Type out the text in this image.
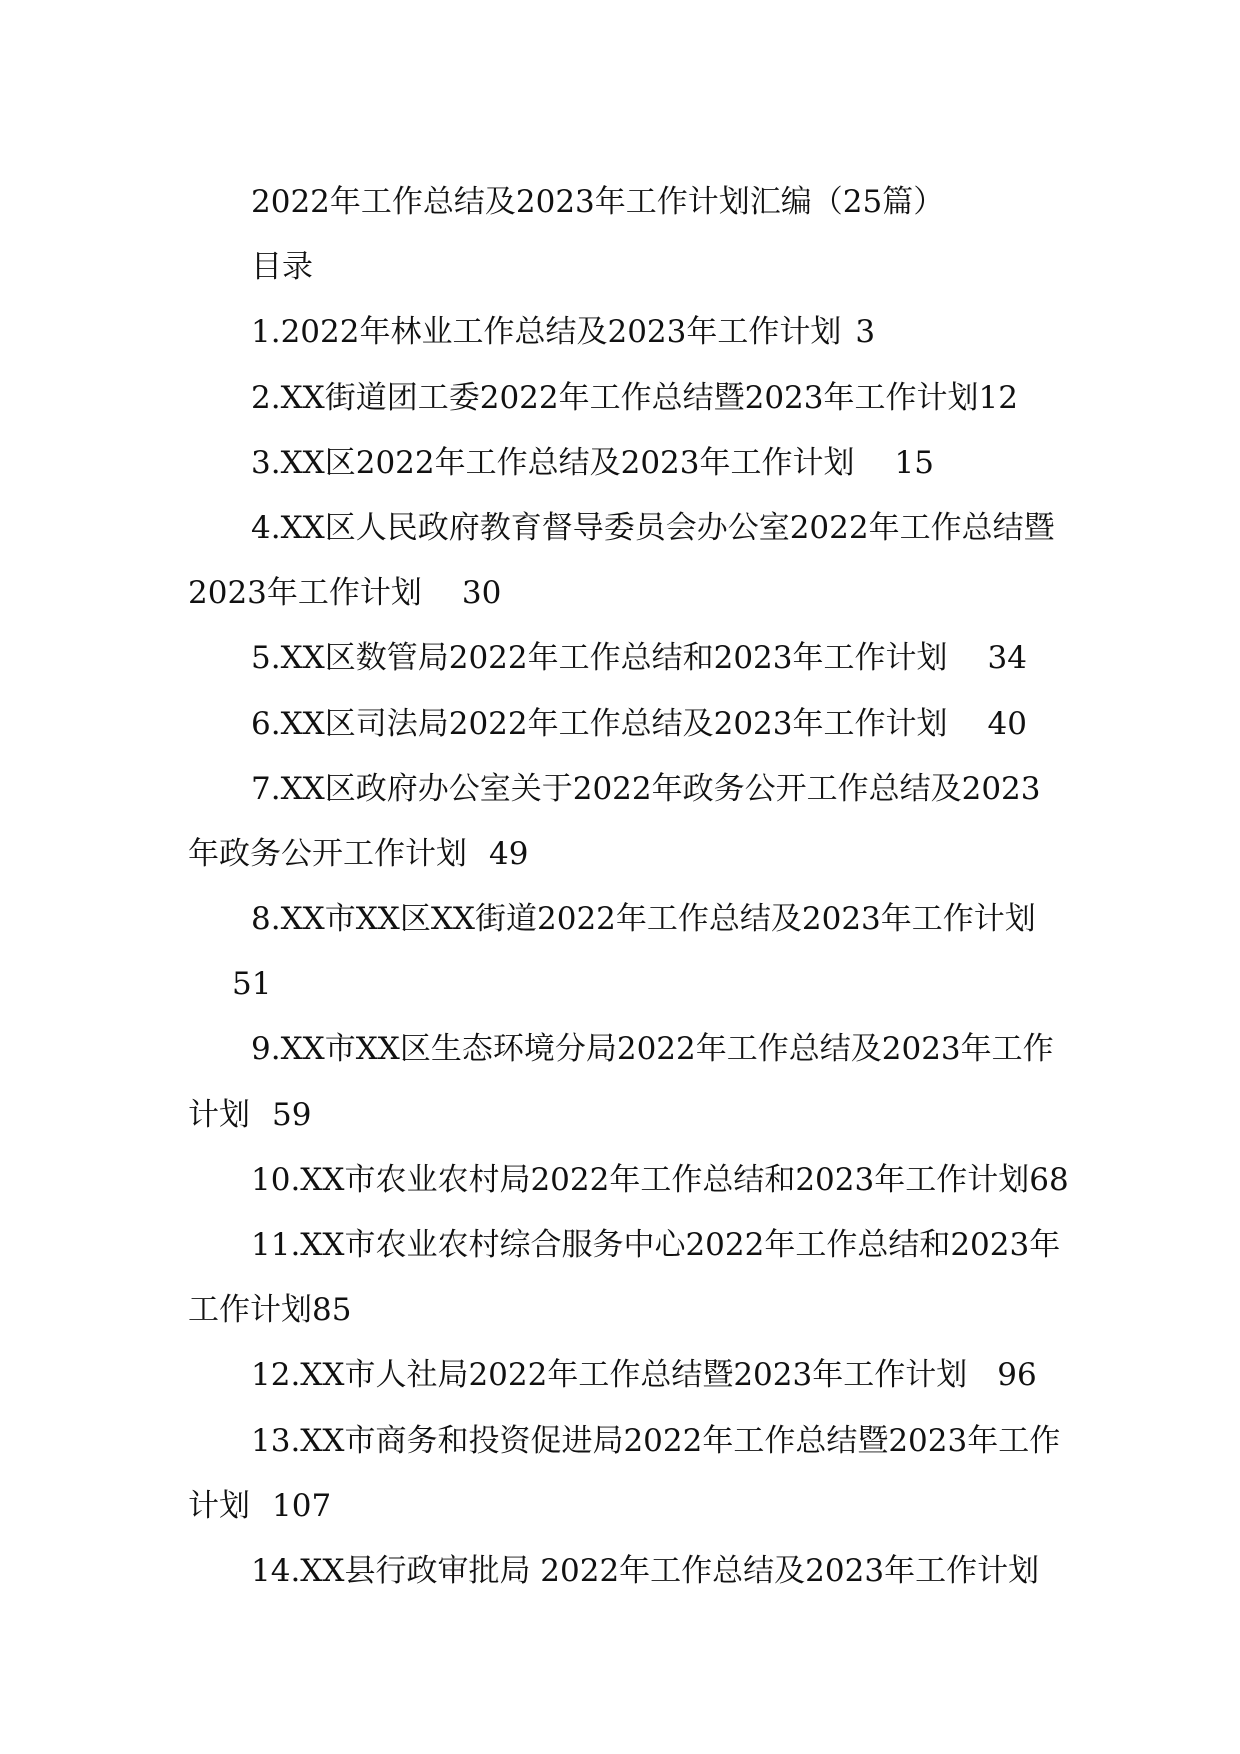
2022年工作总结及2023年工作计划汇编（25篇）
目录
1.2022年林业工作总结及2023年工作计划 3
2.XX街道团工委2022年工作总结暨2023年工作计划12
3.XX区2022年工作总结及2023年工作计划 15
4.XX区人民政府教育督导委员会办公室2022年工作总结暨
2023年工作计划 30
5.XX区数管局2022年工作总结和2023年工作计划 34
6.XX区司法局2022年工作总结及2023年工作计划 40
7.XX区政府办公室关于2022年政务公开工作总结及2023
年政务公开工作计划 49
8.XX市XX区XX街道2022年工作总结及2023年工作计划
51
9.XX市XX区生态环境分局2022年工作总结及2023年工作
计划 59
10.XX市农业农村局2022年工作总结和2023年工作计划68
11.XX市农业农村综合服务中心2022年工作总结和2023年
工作计划85
12.XX市人社局2022年工作总结暨2023年工作计划 96
13.XX市商务和投资促进局2022年工作总结暨2023年工作
计划 107
14.XX县行政审批局 2022年工作总结及2023年工作计划
